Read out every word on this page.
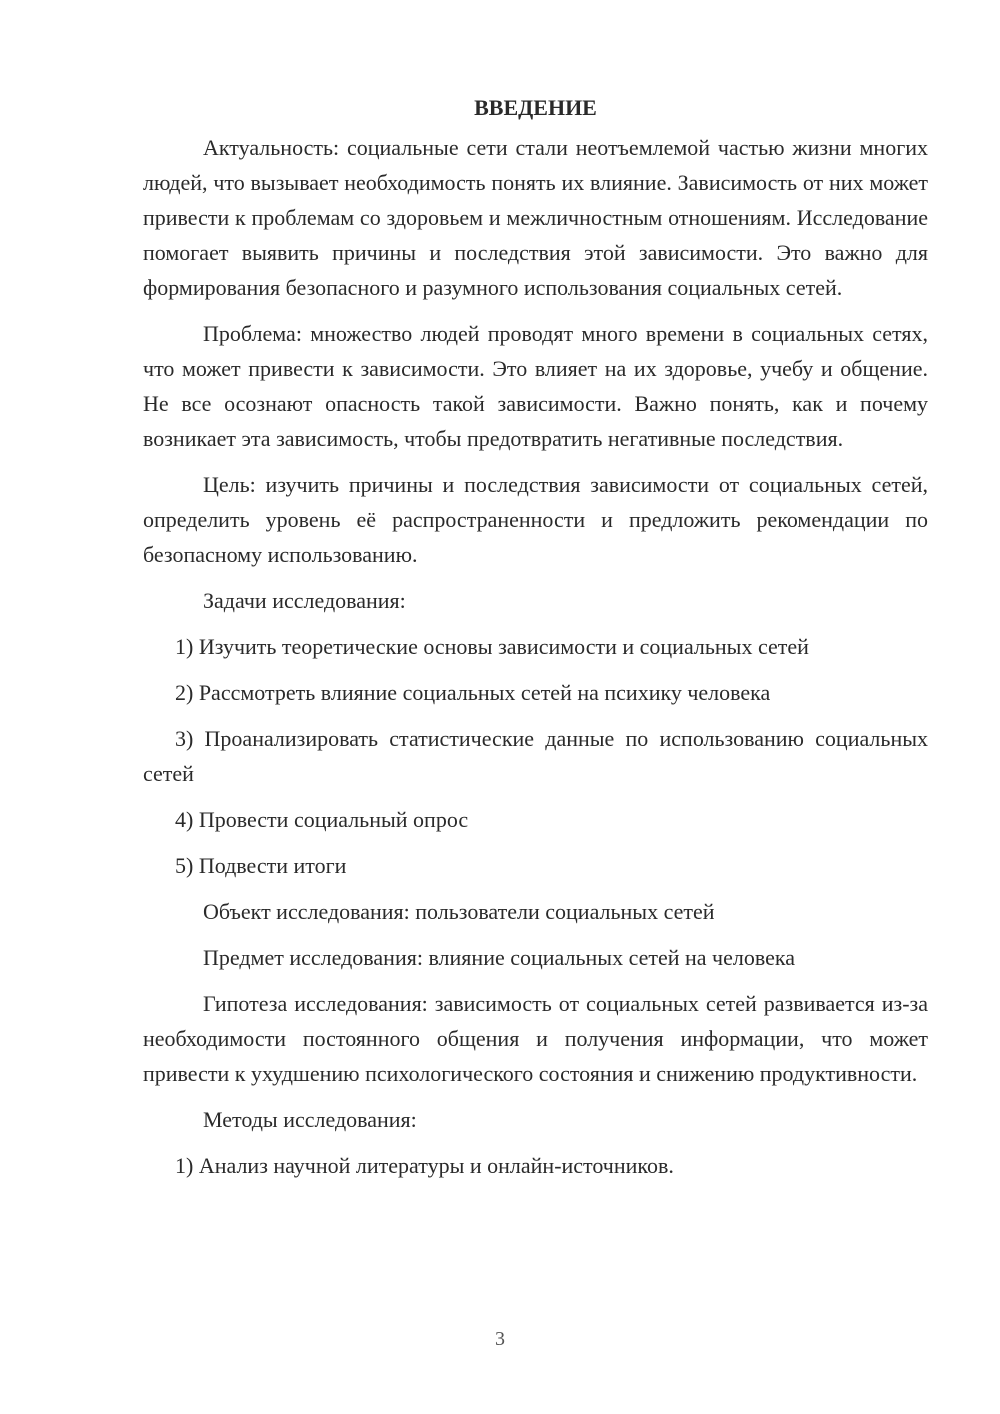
ВВЕДЕНИЕ

Актуальность: социальные сети стали неотъемлемой частью жизни многих людей, что вызывает необходимость понять их влияние. Зависимость от них может привести к проблемам со здоровьем и межличностным отношениям. Исследование помогает выявить причины и последствия этой зависимости. Это важно для формирования безопасного и разумного использования социальных сетей.

Проблема: множество людей проводят много времени в социальных сетях, что может привести к зависимости. Это влияет на их здоровье, учебу и общение. Не все осознают опасность такой зависимости. Важно понять, как и почему возникает эта зависимость, чтобы предотвратить негативные последствия.

Цель: изучить причины и последствия зависимости от социальных сетей, определить уровень её распространенности и предложить рекомендации по безопасному использованию.

Задачи исследования:
1) Изучить теоретические основы зависимости и социальных сетей
2) Рассмотреть влияние социальных сетей на психику человека
3) Проанализировать статистические данные по использованию социальных сетей
4) Провести социальный опрос
5) Подвести итоги
Объект исследования: пользователи социальных сетей
Предмет исследования: влияние социальных сетей на человека

Гипотеза исследования: зависимость от социальных сетей развивается из-за необходимости постоянного общения и получения информации, что может привести к ухудшению психологического состояния и снижению продуктивности.

Методы исследования:
1) Анализ научной литературы и онлайн-источников.
3
